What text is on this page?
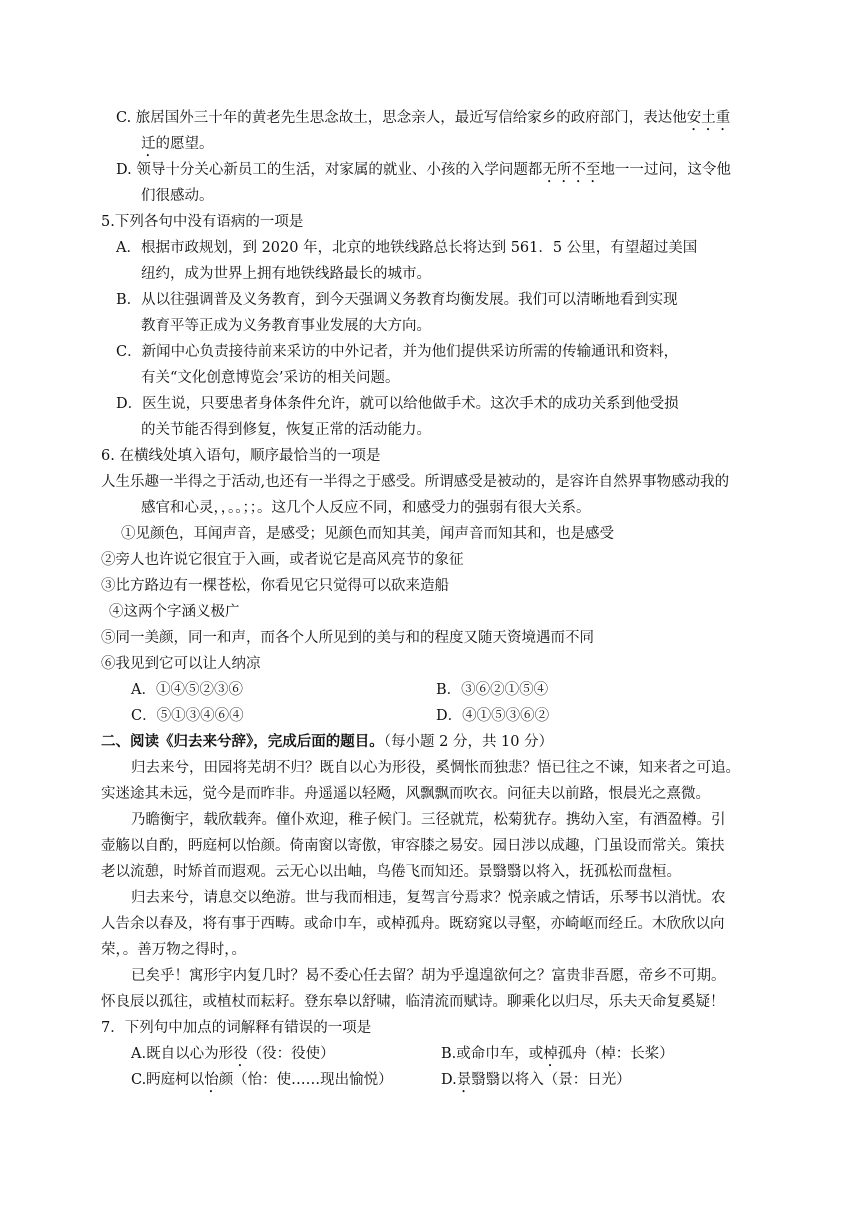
C. 旅居国外三十年的黄老先生思念故土，思念亲人，最近写信给家乡的政府部门，表达他安土重
迁的愿望。
D. 领导十分关心新员工的生活，对家属的就业、小孩的入学问题都无所不至地一一过问，这令他
们很感动。
5.下列各句中没有语病的一项是
A．根据市政规划，到 2020 年，北京的地铁线路总长将达到 561．5 公里，有望超过美国
纽约，成为世界上拥有地铁线路最长的城市。
B．从以往强调普及义务教育，到今天强调义务教育均衡发展。我们可以清晰地看到实现
教育平等正成为义务教育事业发展的大方向。
C．新闻中心负责接待前来采访的中外记者，并为他们提供采访所需的传输通讯和资料，
有关“文化创意博览会’采访的相关问题。
D．医生说，只要患者身体条件允许，就可以给他做手术。这次手术的成功关系到他受损
的关节能否得到修复，恢复正常的活动能力。
6. 在横线处填入语句，顺序最恰当的一项是
人生乐趣一半得之于活动,也还有一半得之于感受。所谓感受是被动的，是容许自然界事物感动我的
感官和心灵，，。。；；。这几个人反应不同，和感受力的强弱有很大关系。
①见颜色，耳闻声音，是感受；见颜色而知其美，闻声音而知其和，也是感受
②旁人也许说它很宜于入画，或者说它是高风亮节的象征
③比方路边有一棵苍松，你看见它只觉得可以砍来造船
④这两个字涵义极广
⑤同一美颜，同一和声，而各个人所见到的美与和的程度又随天资境遇而不同
⑥我见到它可以让人纳凉
A．①④⑤②③⑥	B．③⑥②①⑤④
C．⑤①③④⑥④	D．④①⑤③⑥②
二、阅读《归去来兮辞》，完成后面的题目。（每小题 2 分，共 10 分）
归去来兮，田园将芜胡不归？既自以心为形役，奚惆怅而独悲？悟已往之不谏，知来者之可追。
实迷途其未远，觉今是而昨非。舟遥遥以轻飏，风飘飘而吹衣。问征夫以前路，恨晨光之熹微。
乃瞻衡宇，载欣载奔。僮仆欢迎，稚子候门。三径就荒，松菊犹存。携幼入室，有酒盈樽。引
壶觞以自酌，眄庭柯以怡颜。倚南窗以寄傲，审容膝之易安。园日涉以成趣，门虽设而常关。策扶
老以流憩，时矫首而遐观。云无心以出岫，鸟倦飞而知还。景翳翳以将入，抚孤松而盘桓。
归去来兮，请息交以绝游。世与我而相违，复驾言兮焉求？悦亲戚之情话，乐琴书以消忧。农
人告余以春及，将有事于西畴。或命巾车，或棹孤舟。既窈窕以寻壑，亦崎岖而经丘。木欣欣以向
荣，。善万物之得时，。
已矣乎！寓形宇内复几时？曷不委心任去留？胡为乎遑遑欲何之？富贵非吾愿，帝乡不可期。
怀良辰以孤往，或植杖而耘耔。登东皋以舒啸，临清流而赋诗。聊乘化以归尽，乐夫天命复奚疑！
7．下列句中加点的词解释有错误的一项是
A.既自以心为形役（役：役使）	B.或命巾车，或棹孤舟（棹：长桨）
C.眄庭柯以怡颜（怡：使……现出愉悦）	D.景翳翳以将入（景：日光）
